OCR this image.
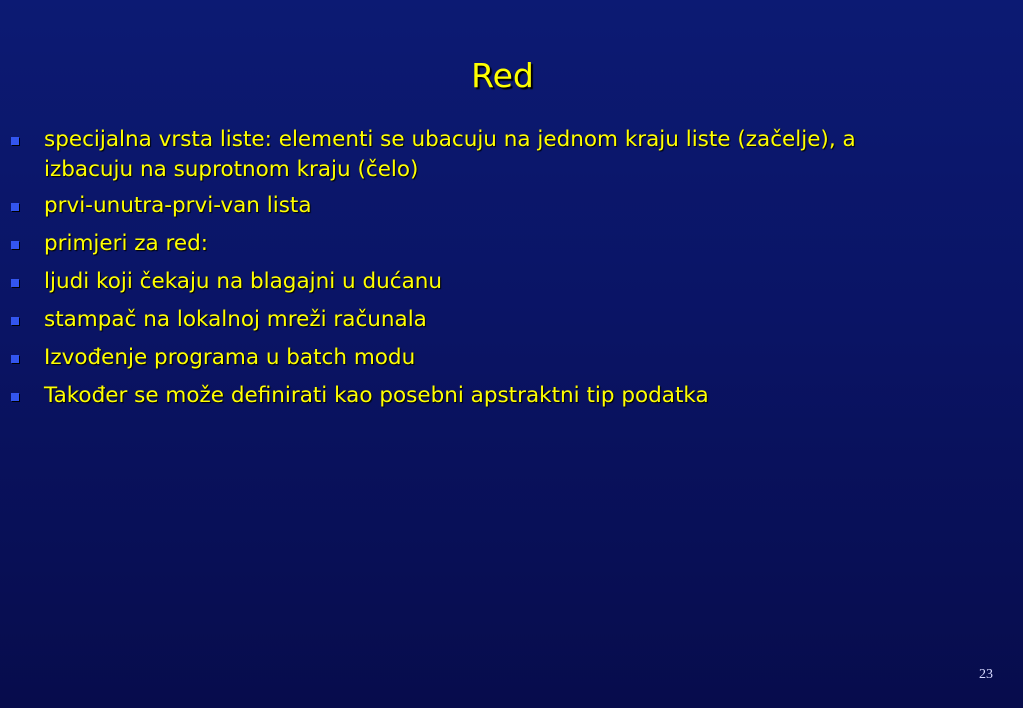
Red
specijalna vrsta liste: elementi se ubacuju na jednom kraju liste (začelje), a izbacuju na suprotnom kraju (čelo)
prvi-unutra-prvi-van lista
primjeri za red:
ljudi koji čekaju na blagajni u dućanu
stampač na lokalnoj mreži računala
Izvođenje programa u batch modu
Također se može definirati kao posebni apstraktni tip podatka
23
